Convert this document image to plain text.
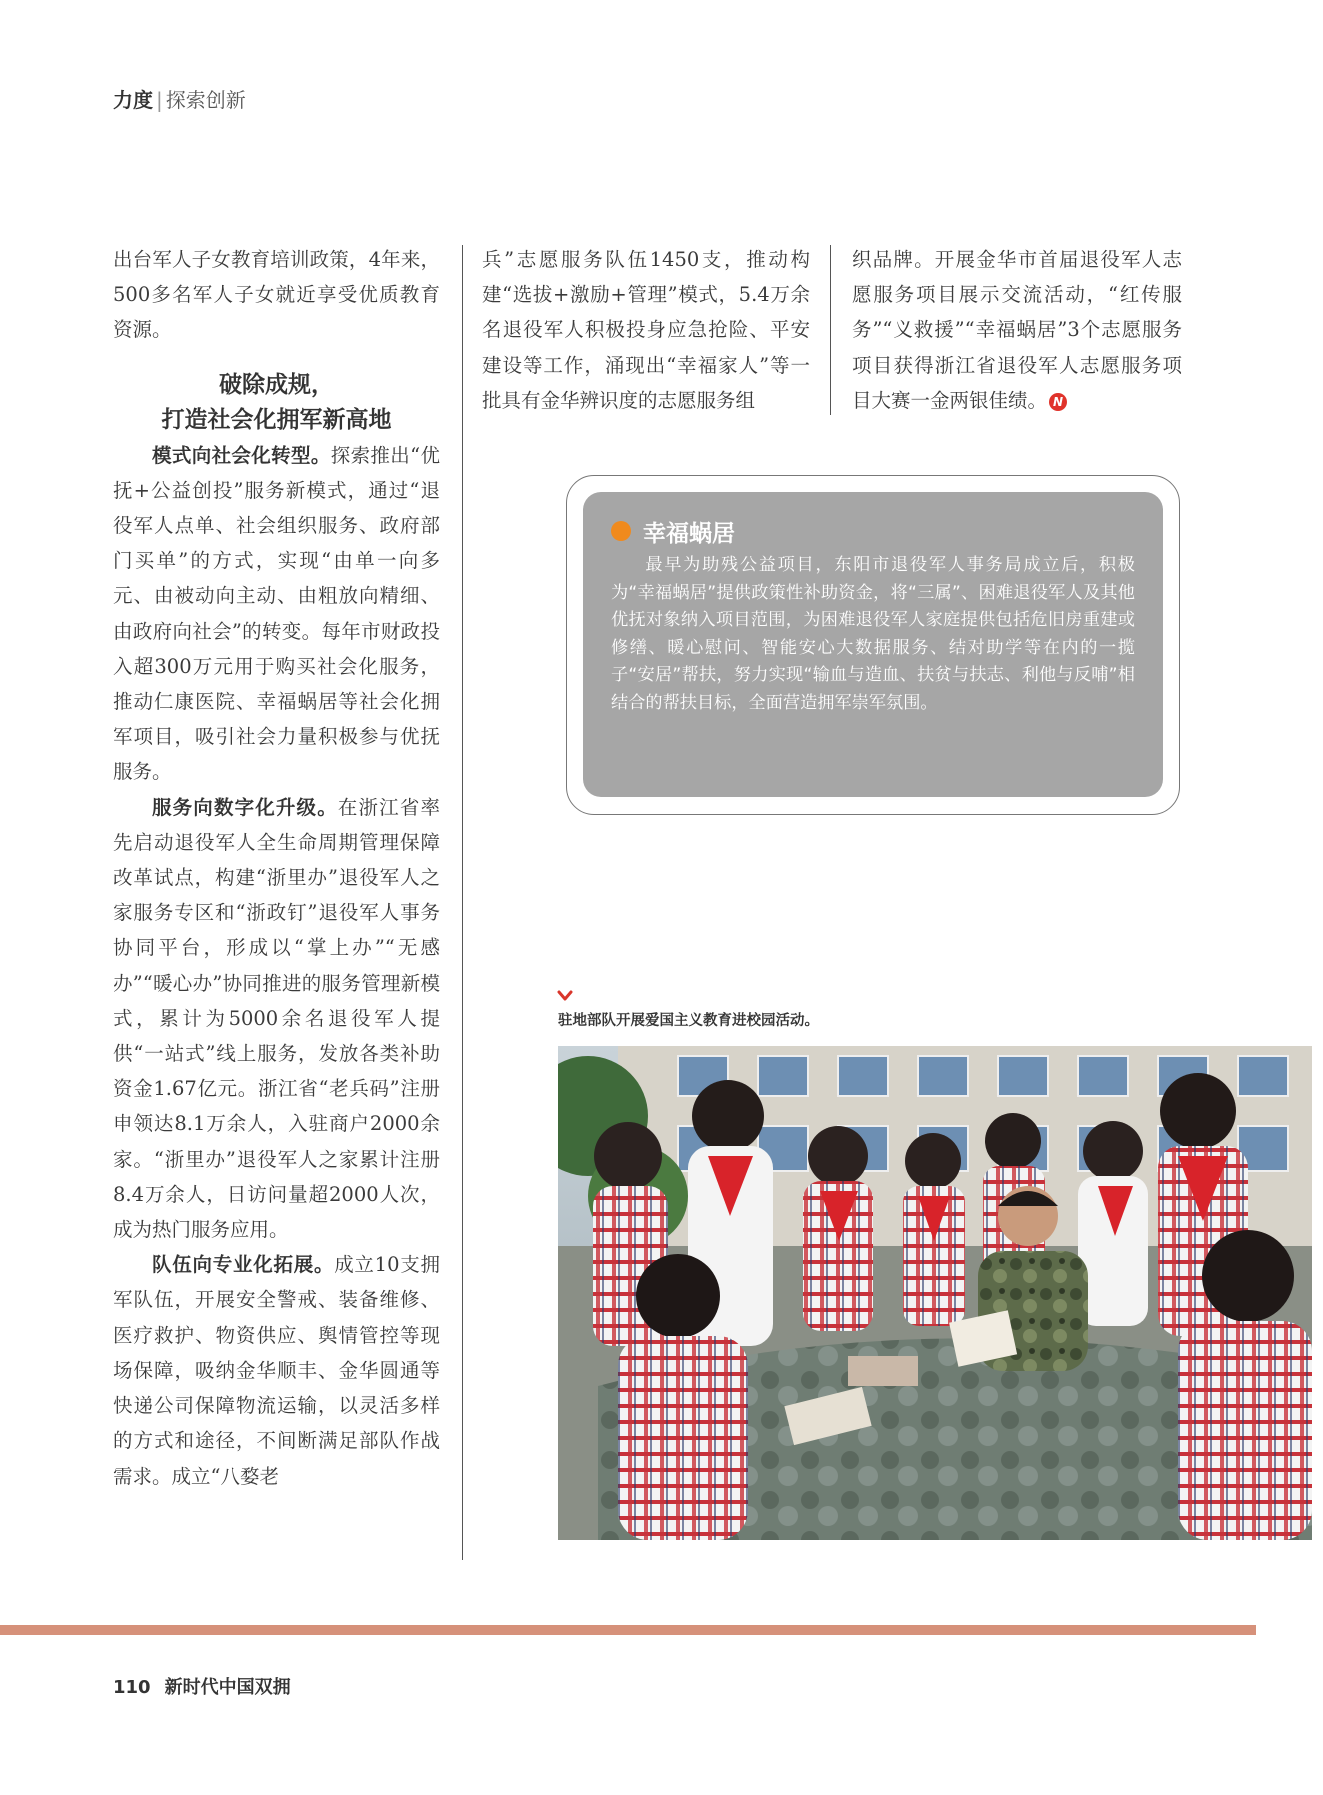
力度 | 探索创新

出台军人子女教育培训政策，4年来，500多名军人子女就近享受优质教育资源。

破除成规，
打造社会化拥军新高地

模式向社会化转型。探索推出“优抚+公益创投”服务新模式，通过“退役军人点单、社会组织服务、政府部门买单”的方式，实现“由单一向多元、由被动向主动、由粗放向精细、由政府向社会”的转变。每年市财政投入超300万元用于购买社会化服务，推动仁康医院、幸福蜗居等社会化拥军项目，吸引社会力量积极参与优抚服务。

服务向数字化升级。在浙江省率先启动退役军人全生命周期管理保障改革试点，构建“浙里办”退役军人之家服务专区和“浙政钉”退役军人事务协同平台，形成以“掌上办”“无感办”“暖心办”协同推进的服务管理新模式，累计为5000余名退役军人提供“一站式”线上服务，发放各类补助资金1.67亿元。浙江省“老兵码”注册申领达8.1万余人，入驻商户2000余家。“浙里办”退役军人之家累计注册8.4万余人，日访问量超2000人次，成为热门服务应用。

队伍向专业化拓展。成立10支拥军队伍，开展安全警戒、装备维修、医疗救护、物资供应、舆情管控等现场保障，吸纳金华顺丰、金华圆通等快递公司保障物流运输，以灵活多样的方式和途径，不间断满足部队作战需求。成立“八婺老

兵”志愿服务队伍1450支，推动构建“选拔+激励+管理”模式，5.4万余名退役军人积极投身应急抢险、平安建设等工作，涌现出“幸福家人”等一批具有金华辨识度的志愿服务组

织品牌。开展金华市首届退役军人志愿服务项目展示交流活动，“红传服务”“义救援”“幸福蜗居”3个志愿服务项目获得浙江省退役军人志愿服务项目大赛一金两银佳绩。 N

幸福蜗居
最早为助残公益项目，东阳市退役军人事务局成立后，积极为“幸福蜗居”提供政策性补助资金，将“三属”、困难退役军人及其他优抚对象纳入项目范围，为困难退役军人家庭提供包括危旧房重建或修缮、暖心慰问、智能安心大数据服务、结对助学等在内的一揽子“安居”帮扶，努力实现“输血与造血、扶贫与扶志、利他与反哺”相结合的帮扶目标，全面营造拥军崇军氛围。
驻地部队开展爱国主义教育进校园活动。
110 新时代中国双拥
